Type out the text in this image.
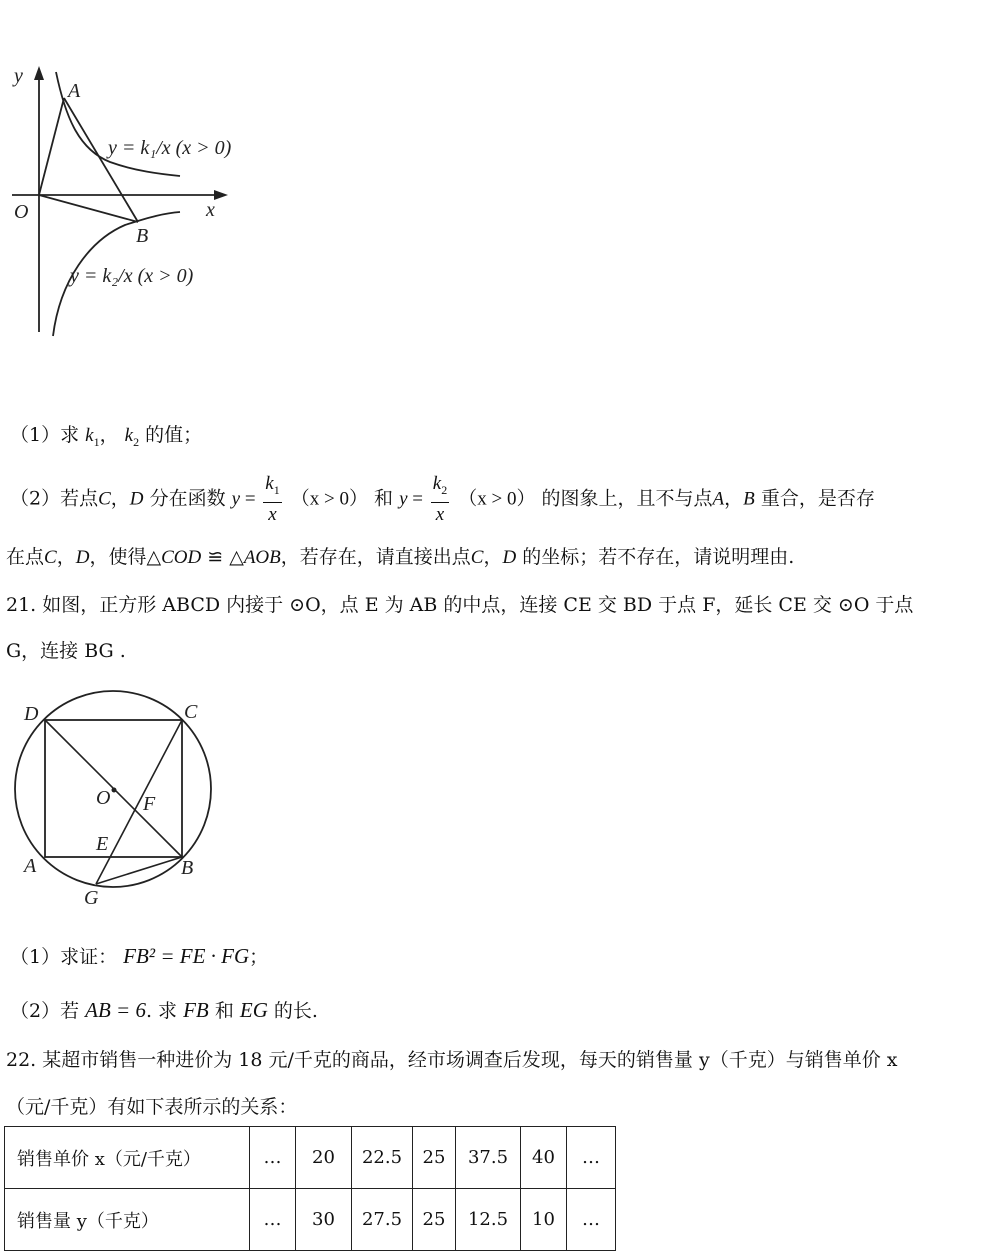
y
x
O
A
B
y = k₁/x (x > 0)
y = k₂/x (x > 0)
（1）求 $k_1$， $k_2$ 的值；
（2）若点C，D 分在函数 $y = \frac{k_1}{x} (x > 0)$ 和 $y = \frac{k_2}{x} (x > 0)$ 的图象上，且不与点A，B 重合，是否存
在点C，D，使得△COD ≌ △AOB，若存在，请直接出点C，D 的坐标；若不存在，请说明理由.
21. 如图，正方形 ABCD 内接于 ⊙O，点 E 为 AB 的中点，连接 CE 交 BD 于点 F，延长 CE 交 ⊙O 于点
G，连接 BG .
D	C
A	B
O F
E
G
（1）求证： FB² = FE · FG；
（2）若 AB = 6. 求 FB 和 EG 的长.
22. 某超市销售一种进价为 18 元/千克的商品，经市场调查后发现，每天的销售量 y（千克）与销售单价 x
（元/千克）有如下表所示的关系：
销售单价 x（元/千克）	…	20	22.5	25	37.5	40	…
销售量 y（千克）	…	30	27.5	25	12.5	10	…
